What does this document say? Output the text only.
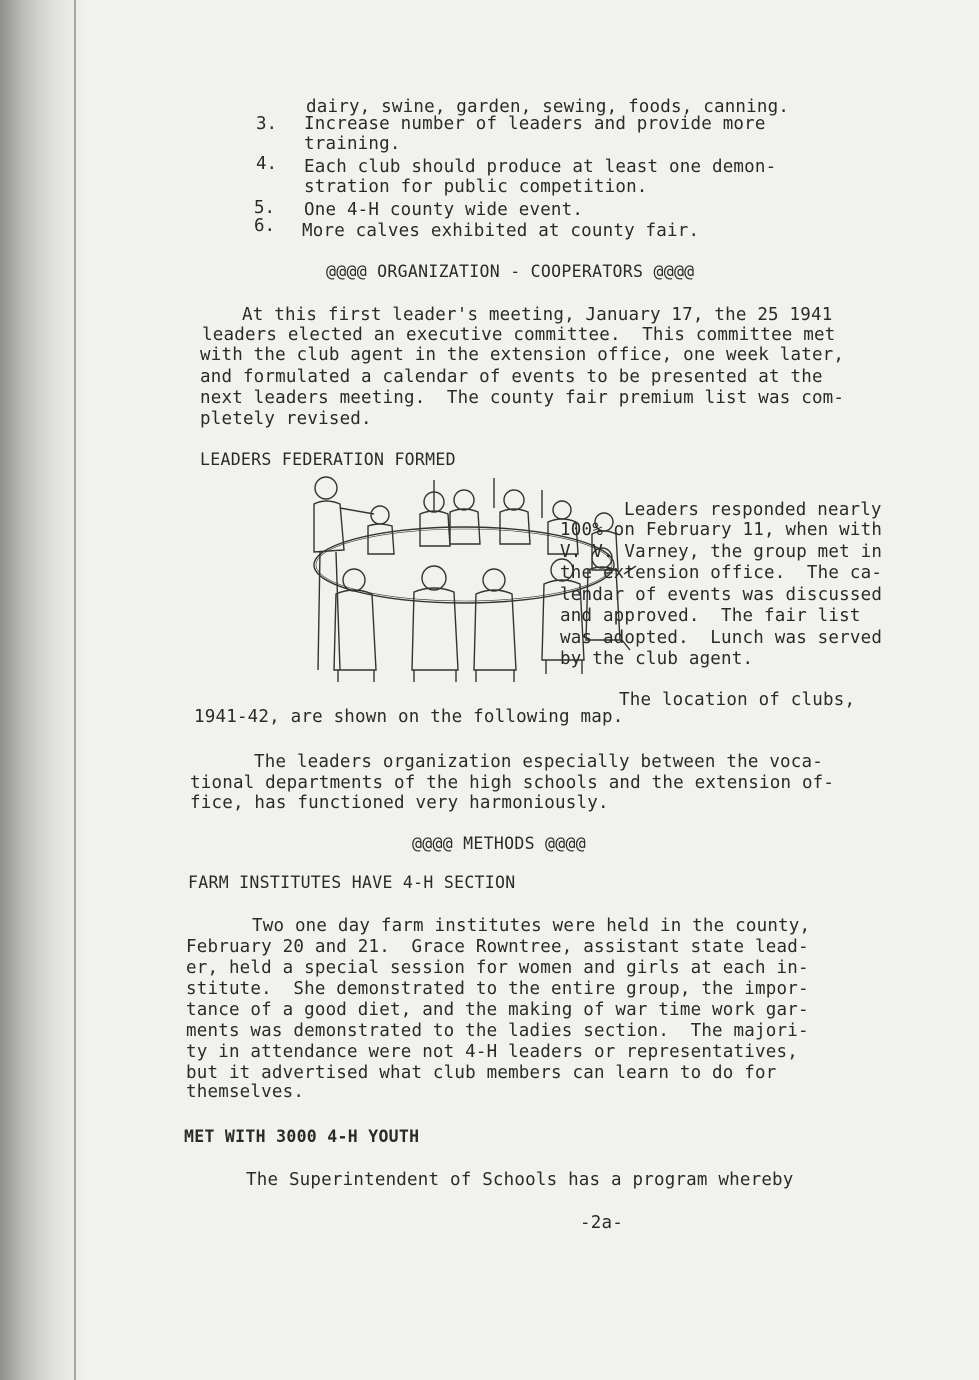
dairy, swine, garden, sewing, foods, canning.
3. Increase number of leaders and provide more
training.
4. Each club should produce at least one demon-
stration for public competition.
5. One 4-H county wide event.
6. More calves exhibited at county fair.
@@@@ ORGANIZATION - COOPERATORS @@@@
At this first leader's meeting, January 17, the 25 1941
leaders elected an executive committee.  This committee met
with the club agent in the extension office, one week later,
and formulated a calendar of events to be presented at the
next leaders meeting.  The county fair premium list was com-
pletely revised.
LEADERS FEDERATION FORMED
Leaders responded nearly
100% on February 11, when with
V. V. Varney, the group met in
the extension office.  The ca-
lendar of events was discussed
and approved.  The fair list
was adopted.  Lunch was served
by the club agent.
The location of clubs,
1941-42, are shown on the following map.
The leaders organization especially between the voca-
tional departments of the high schools and the extension of-
fice, has functioned very harmoniously.
@@@@ METHODS @@@@
FARM INSTITUTES HAVE 4-H SECTION
Two one day farm institutes were held in the county,
February 20 and 21.  Grace Rowntree, assistant state lead-
er, held a special session for women and girls at each in-
stitute.  She demonstrated to the entire group, the impor-
tance of a good diet, and the making of war time work gar-
ments was demonstrated to the ladies section.  The majori-
ty in attendance were not 4-H leaders or representatives,
but it advertised what club members can learn to do for
themselves.
MET WITH 3000 4-H YOUTH
The Superintendent of Schools has a program whereby
-2a-
